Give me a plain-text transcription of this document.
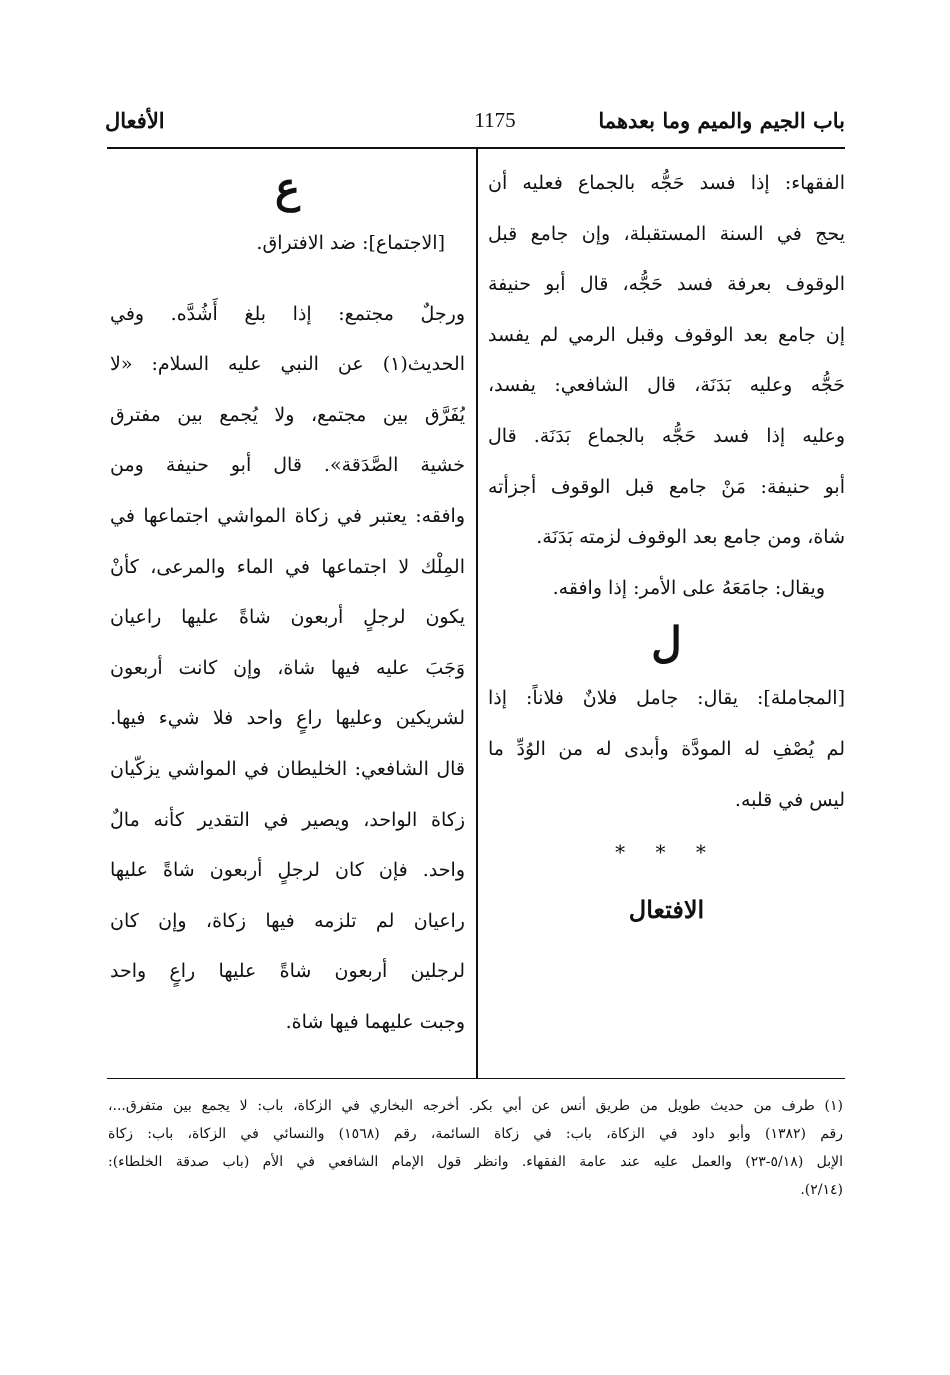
باب الجيم والميم وما بعدهما
1175
الأفعال
الفقهاء: إذا فسد حَجُّه بالجماع فعليه أن
يحج في السنة المستقبلة، وإن جامع قبل
الوقوف بعرفة فسد حَجُّه، قال أبو حنيفة
إن جامع بعد الوقوف وقبل الرمي لم يفسد
حَجُّه وعليه بَدَنَة، قال الشافعي: يفسد،
وعليه إذا فسد حَجُّه بالجماع بَدَنَة. قال
أبو حنيفة: مَنْ جامع قبل الوقوف أجزأته
شاة، ومن جامع بعد الوقوف لزمته بَدَنَة.
ويقال: جامَعَهُ على الأمر: إذا وافقه.
ل
[المجاملة]: يقال: جامل فلانٌ فلاناً: إذا
لم يُصْفِ له المودَّة وأبدى له من الوُدِّ ما
ليس في قلبه.
* * *
الافتعال
ع
[الاجتماع]: ضد الافتراق.
ورجلٌ مجتمع: إذا بلغ أَشُدَّه. وفي
الحديث(١) عن النبي عليه السلام: «لا
يُفَرَّق بين مجتمع، ولا يُجمع بين مفترق
خشية الصَّدَقة». قال أبو حنيفة ومن
وافقه: يعتبر في زكاة المواشي اجتماعها في
المِلْك لا اجتماعها في الماء والمرعى، كأنْ
يكون لرجلٍ أربعون شاةً عليها راعيان
وَجَبَ عليه فيها شاة، وإن كانت أربعون
لشريكين وعليها راعٍ واحد فلا شيء فيها.
قال الشافعي: الخليطان في المواشي يزكّيان
زكاة الواحد، ويصير في التقدير كأنه مالٌ
واحد. فإن كان لرجلٍ أربعون شاةً عليها
راعيان لم تلزمه فيها زكاة، وإن كان
لرجلين أربعون شاةً عليها راعٍ واحد
وجبت عليهما فيها شاة.
(١) طرف من حديث طويل من طريق أنس عن أبي بكر. أخرجه البخاري في الزكاة، باب: لا يجمع بين متفرق...،
رقم (١٣٨٢) وأبو داود في الزكاة، باب: في زكاة السائمة، رقم (١٥٦٨) والنسائي في الزكاة، باب: زكاة
الإبل (٥/١٨-٢٣) والعمل عليه عند عامة الفقهاء. وانظر قول الإمام الشافعي في الأم (باب صدقة الخلطاء):
(٢/١٤).
